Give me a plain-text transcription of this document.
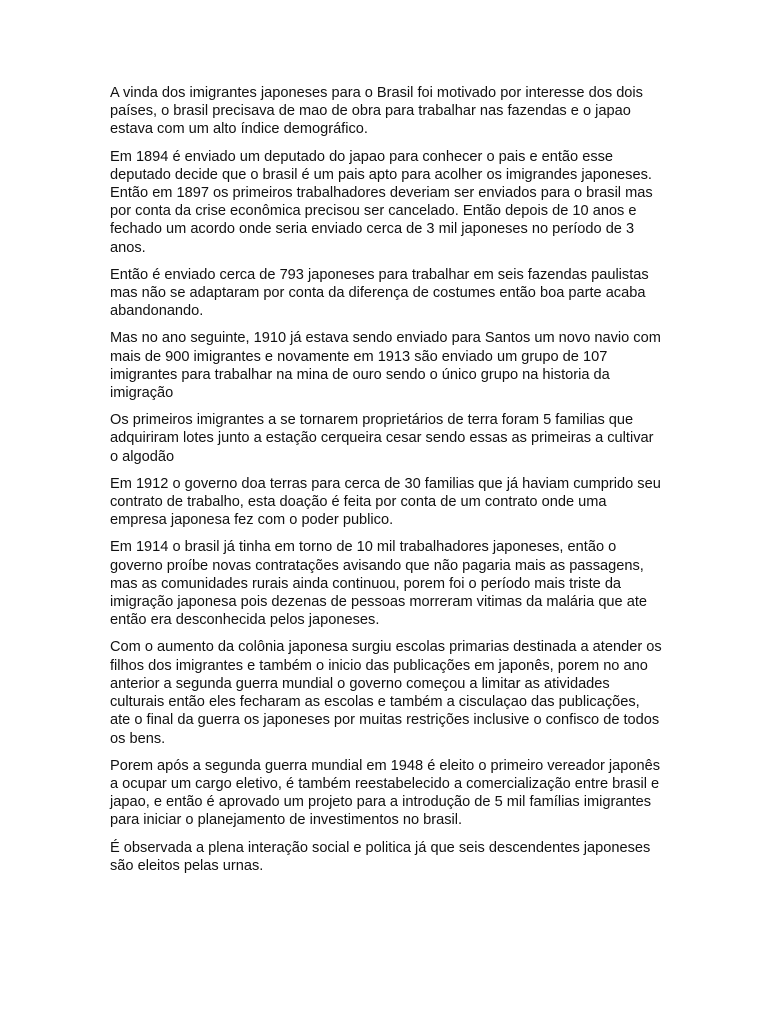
A vinda dos imigrantes japoneses para o Brasil foi motivado por interesse dos dois países, o brasil precisava de mao de obra para trabalhar nas fazendas e o japao estava com um alto índice demográfico.

Em 1894 é enviado um deputado do japao para conhecer o pais e então esse deputado decide que o brasil é um pais apto para acolher os imigrandes japoneses. Então em 1897 os primeiros trabalhadores deveriam ser enviados para o brasil mas por conta da crise econômica precisou ser cancelado. Então depois de 10 anos e fechado um acordo onde seria enviado cerca de 3 mil japoneses no período de 3 anos.

Então é enviado cerca de 793 japoneses para trabalhar em seis fazendas paulistas mas não se adaptaram por conta da diferença de costumes então boa parte acaba abandonando.

Mas no ano seguinte, 1910 já estava sendo enviado para Santos um novo navio com mais de 900 imigrantes e novamente em 1913 são enviado um grupo de 107 imigrantes para trabalhar na mina de ouro sendo o único grupo na historia da imigração

Os primeiros imigrantes a se tornarem proprietários de terra foram 5 familias que adquiriram lotes junto a estação cerqueira cesar sendo essas as primeiras a cultivar o algodão

Em 1912 o governo doa terras para cerca de 30 familias que já haviam cumprido seu contrato de trabalho, esta doação é feita por conta de um contrato onde uma empresa japonesa fez com o poder publico.

Em 1914 o brasil já tinha em torno de 10 mil trabalhadores japoneses, então o governo proíbe novas contratações avisando que não pagaria mais as passagens, mas as comunidades rurais ainda continuou, porem foi o período mais triste da imigração japonesa pois dezenas de pessoas morreram vitimas da malária que ate então era desconhecida pelos japoneses.

Com o aumento da colônia japonesa surgiu escolas primarias destinada a atender os filhos dos imigrantes e também o inicio das publicações em japonês, porem no ano anterior a segunda guerra mundial o governo começou a limitar as atividades culturais então eles fecharam as escolas e também a cisculaçao das publicações, ate o final da guerra os japoneses por muitas restrições inclusive o confisco de todos os bens.

Porem após a segunda guerra mundial em 1948 é eleito o primeiro vereador japonês a ocupar um cargo eletivo, é também reestabelecido a comercialização entre brasil e japao, e então é aprovado um projeto para a introdução de 5 mil famílias imigrantes para iniciar o planejamento de investimentos no brasil.

É observada a plena interação social e politica já que seis descendentes japoneses são eleitos pelas urnas.
